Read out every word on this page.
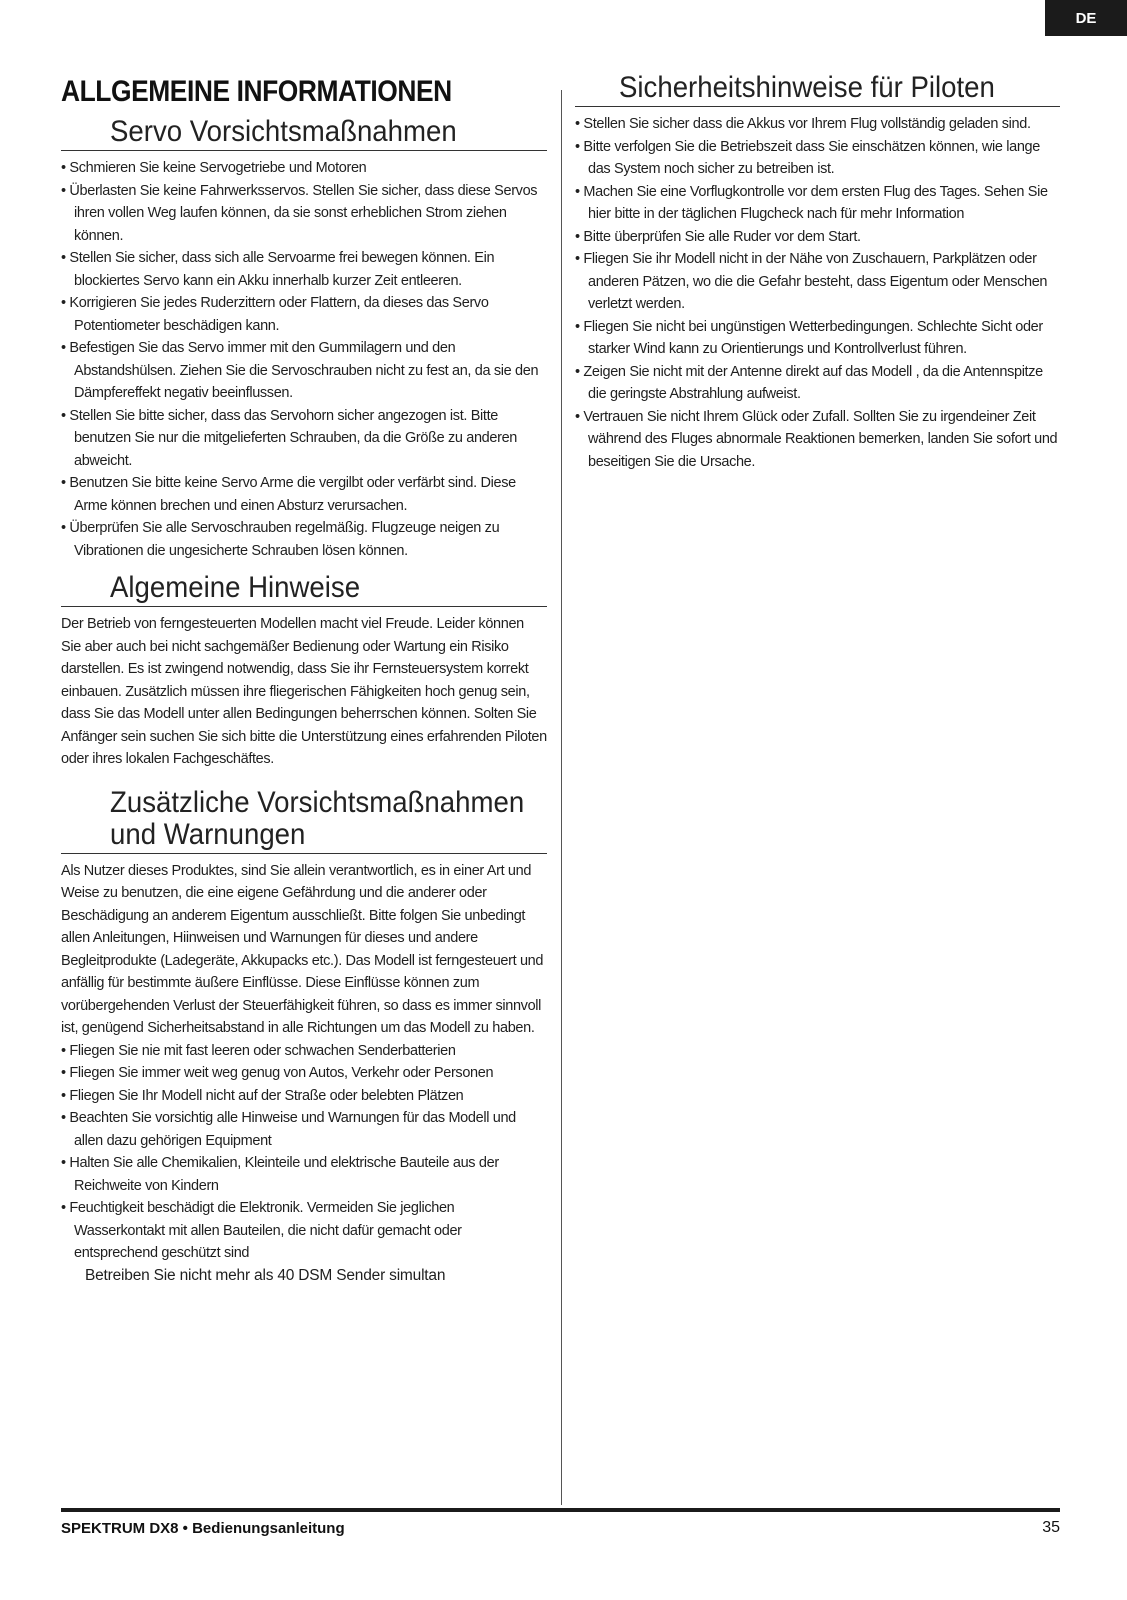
DE
ALLGEMEINE INFORMATIONEN
Servo Vorsichtsmaßnahmen
• Schmieren Sie keine Servogetriebe und Motoren
• Überlasten Sie keine Fahrwerksservos. Stellen Sie sicher, dass diese Servos ihren vollen Weg laufen können, da sie sonst erheblichen Strom ziehen können.
• Stellen Sie sicher, dass sich alle Servoarme frei bewegen können. Ein blockiertes Servo kann ein Akku innerhalb kurzer Zeit entleeren.
• Korrigieren Sie jedes Ruderzittern oder Flattern, da dieses das Servo Potentiometer beschädigen kann.
• Befestigen Sie das Servo immer mit den Gummilagern und den Abstandshülsen. Ziehen Sie die Servoschrauben nicht zu fest an, da sie den Dämpfereffekt negativ beeinflussen.
• Stellen Sie bitte sicher, dass das Servohorn sicher angezogen ist. Bitte benutzen Sie nur die mitgelieferten Schrauben, da die Größe zu anderen abweicht.
• Benutzen Sie bitte keine Servo Arme die vergilbt oder verfärbt sind. Diese Arme können brechen und einen Absturz verursachen.
• Überprüfen Sie alle Servoschrauben regelmäßig. Flugzeuge neigen zu Vibrationen die ungesicherte Schrauben lösen können.
Algemeine Hinweise

Der Betrieb von ferngesteuerten Modellen macht viel Freude. Leider können Sie aber auch bei nicht sachgemäßer Bedienung oder Wartung ein Risiko darstellen. Es ist zwingend notwendig, dass Sie ihr Fernsteuersystem korrekt einbauen. Zusätzlich müssen ihre fliegerischen Fähigkeiten hoch genug sein, dass Sie das Modell unter allen Bedingungen beherrschen können. Solten Sie Anfänger sein suchen Sie sich bitte die Unterstützung eines erfahrenden Piloten oder ihres lokalen Fachgeschäftes.

Zusätzliche Vorsichtsmaßnahmen
und Warnungen

Als Nutzer dieses Produktes, sind Sie allein verantwortlich, es in einer Art und Weise zu benutzen, die eine eigene Gefährdung und die anderer oder Beschädigung an anderem Eigentum ausschließt. Bitte folgen Sie unbedingt allen Anleitungen, Hiinweisen und Warnungen für dieses und andere Begleitprodukte (Ladegeräte, Akkupacks etc.). Das Modell ist ferngesteuert und anfällig für bestimmte äußere Einflüsse. Diese Einflüsse können zum vorübergehenden Verlust der Steuerfähigkeit führen, so dass es immer sinnvoll ist, genügend Sicherheitsabstand in alle Richtungen um das Modell zu haben.

• Fliegen Sie nie mit fast leeren oder schwachen Senderbatterien
• Fliegen Sie immer weit weg genug von Autos, Verkehr oder Personen
• Fliegen Sie Ihr Modell nicht auf der Straße oder belebten Plätzen
• Beachten Sie vorsichtig alle Hinweise und Warnungen für das Modell und allen dazu gehörigen Equipment
• Halten Sie alle Chemikalien, Kleinteile und elektrische Bauteile aus der Reichweite von Kindern
• Feuchtigkeit beschädigt die Elektronik. Vermeiden Sie jeglichen Wasserkontakt mit allen Bauteilen, die nicht dafür gemacht oder entsprechend geschützt sind
Betreiben Sie nicht mehr als 40 DSM Sender simultan
Sicherheitshinweise für Piloten
• Stellen Sie sicher dass die Akkus vor Ihrem Flug vollständig geladen sind.
• Bitte verfolgen Sie die Betriebszeit dass Sie einschätzen können, wie lange das System noch sicher zu betreiben ist.
• Machen Sie eine Vorflugkontrolle vor dem ersten Flug des Tages. Sehen Sie hier bitte in der täglichen Flugcheck nach für mehr Information
• Bitte überprüfen Sie alle Ruder vor dem Start.
• Fliegen Sie ihr Modell nicht in der Nähe von Zuschauern, Parkplätzen oder anderen Pätzen, wo die die Gefahr besteht, dass Eigentum oder Menschen verletzt werden.
• Fliegen Sie nicht bei ungünstigen Wetterbedingungen. Schlechte Sicht oder starker Wind kann zu Orientierungs und Kontrollverlust führen.
• Zeigen Sie nicht mit der Antenne direkt auf das Modell , da die Antennspitze die geringste Abstrahlung aufweist.
• Vertrauen Sie nicht Ihrem Glück oder Zufall. Sollten Sie zu irgendeiner Zeit während des Fluges abnormale Reaktionen bemerken, landen Sie sofort und beseitigen Sie die Ursache.
SPEKTRUM DX8 • Bedienungsanleitung	35
